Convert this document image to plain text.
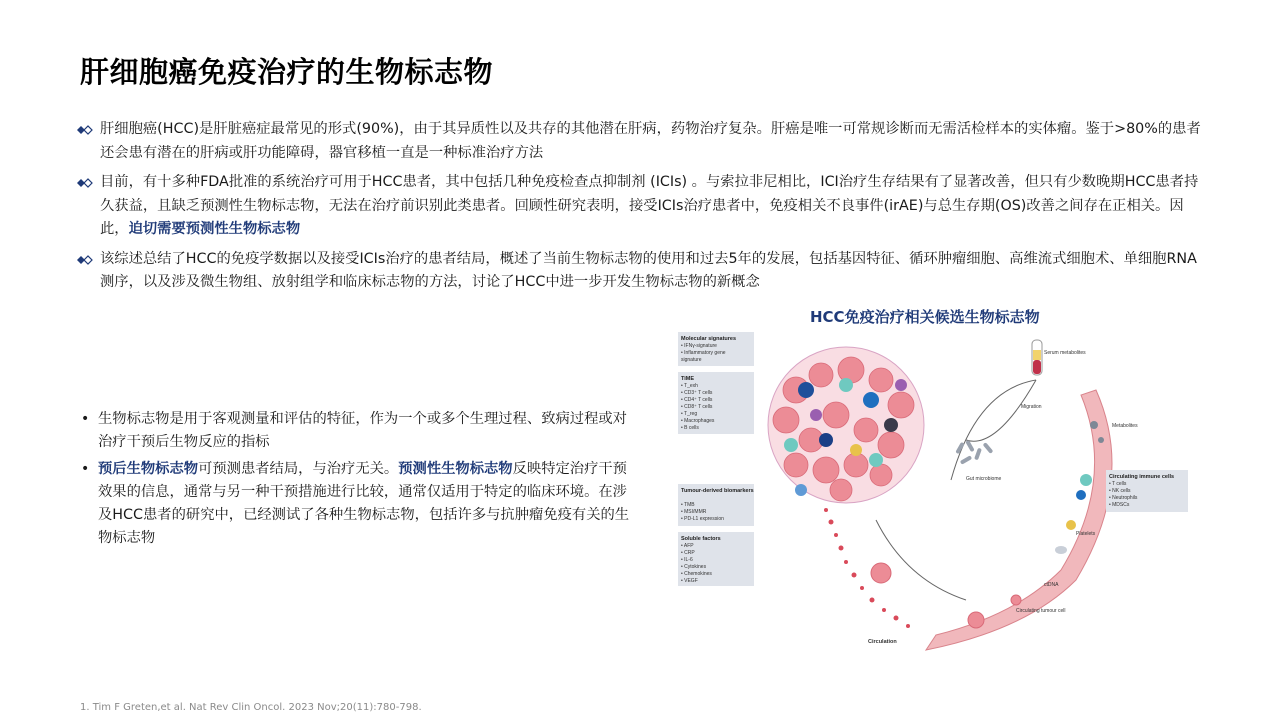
肝细胞癌免疫治疗的生物标志物
肝细胞癌(HCC)是肝脏癌症最常见的形式(90%)，由于其异质性以及共存的其他潜在肝病，药物治疗复杂。肝癌是唯一可常规诊断而无需活检样本的实体瘤。鉴于>80%的患者还会患有潜在的肝病或肝功能障碍，器官移植一直是一种标准治疗方法
目前，有十多种FDA批准的系统治疗可用于HCC患者，其中包括几种免疫检查点抑制剂 (ICIs) 。与索拉非尼相比，ICI治疗生存结果有了显著改善，但只有少数晚期HCC患者持久获益，且缺乏预测性生物标志物，无法在治疗前识别此类患者。回顾性研究表明，接受ICIs治疗患者中，免疫相关不良事件(irAE)与总生存期(OS)改善之间存在正相关。因此，迫切需要预测性生物标志物
该综述总结了HCC的免疫学数据以及接受ICIs治疗的患者结局，概述了当前生物标志物的使用和过去5年的发展，包括基因特征、循环肿瘤细胞、高维流式细胞术、单细胞RNA测序，以及涉及微生物组、放射组学和临床标志物的方法，讨论了HCC中进一步开发生物标志物的新概念
• 生物标志物是用于客观测量和评估的特征，作为一个或多个生理过程、致病过程或对治疗干预后生物反应的指标
• 预后生物标志物可预测患者结局，与治疗无关。预测性生物标志物反映特定治疗干预效果的信息，通常与另一种干预措施进行比较，通常仅适用于特定的临床环境。在涉及HCC患者的研究中，已经测试了各种生物标志物，包括许多与抗肿瘤免疫有关的生物标志物
HCC免疫治疗相关候选生物标志物
Molecular signatures
• IFNγ-signature
• Inflammatory gene
signature
TiME
• T_exh
• CD3⁺ T cells
• CD4⁺ T cells
• CD8⁺ T cells
• T_reg
• Macrophages
• B cells
Tumour-derived biomarkers
• TMB
• MSI/MMR
• PD-L1 expression
Soluble factors
• AFP
• CRP
• IL-6
• Cytokines
• Chemokines
• VEGF
Serum metabolites
Gut microbiome
Migration
Metabolites
Platelets
ctDNA
Circulating tumour cell
Circulation
Circulating immune cells
• T cells
• NK cells
• Neutrophils
• MDSCs
1. Tim F Greten,et al. Nat Rev Clin Oncol. 2023 Nov;20(11):780-798.
